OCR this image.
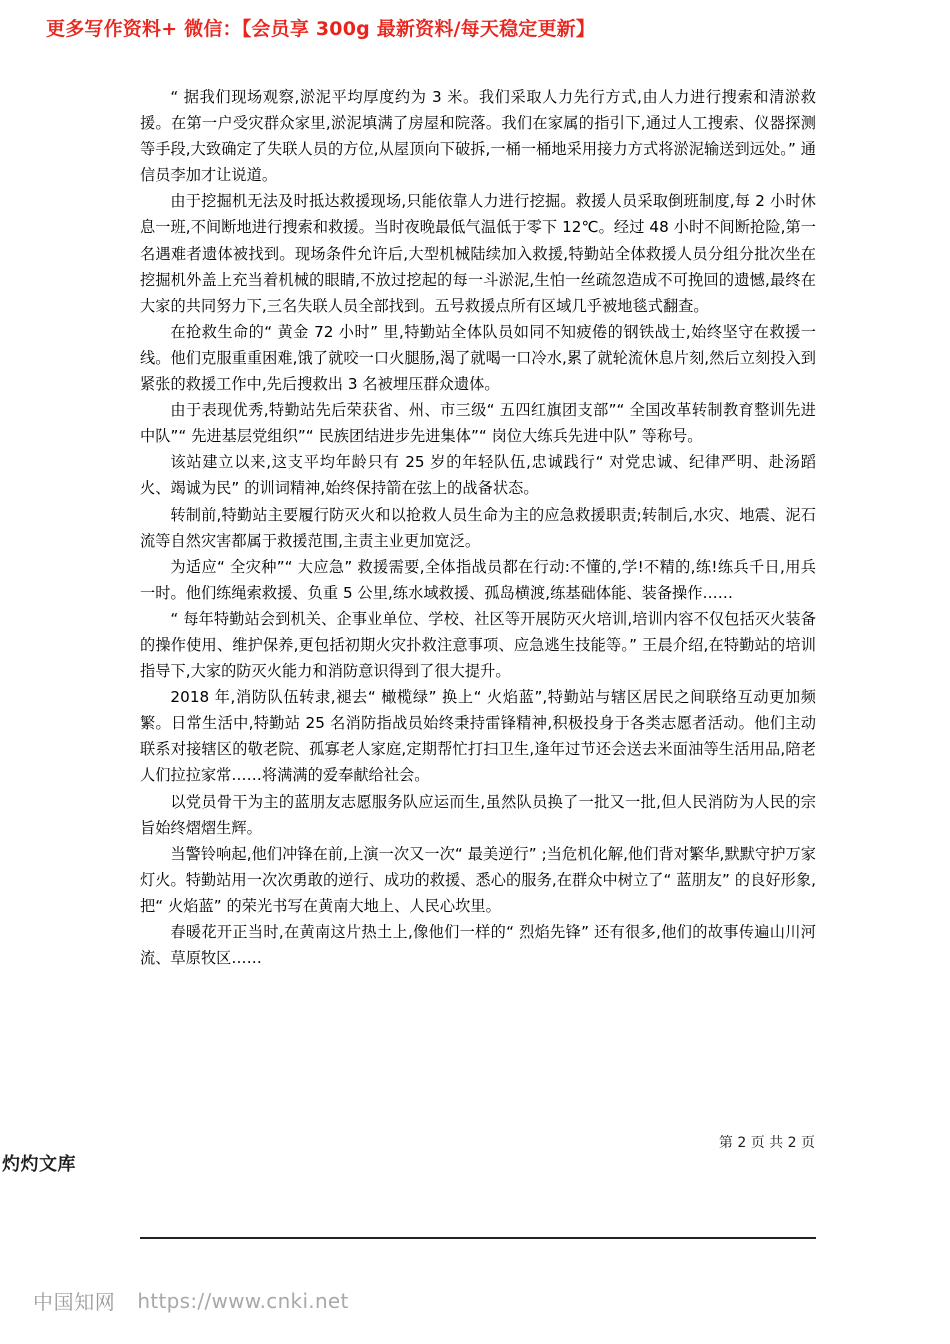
更多写作资料+ 微信：【会员享 300g 最新资料/每天稳定更新】

“ 据我们现场观察,淤泥平均厚度约为 3 米。我们采取人力先行方式,由人力进行搜索和清淤救援。在第一户受灾群众家里,淤泥填满了房屋和院落。我们在家属的指引下,通过人工搜索、仪器探测等手段,大致确定了失联人员的方位,从屋顶向下破拆,一桶一桶地采用接力方式将淤泥输送到远处。” 通信员李加才让说道。

由于挖掘机无法及时抵达救援现场,只能依靠人力进行挖掘。救援人员采取倒班制度,每 2 小时休息一班,不间断地进行搜索和救援。当时夜晚最低气温低于零下 12℃。经过 48 小时不间断抢险,第一名遇难者遗体被找到。现场条件允许后,大型机械陆续加入救援,特勤站全体救援人员分组分批次坐在挖掘机外盖上充当着机械的眼睛,不放过挖起的每一斗淤泥,生怕一丝疏忽造成不可挽回的遗憾,最终在大家的共同努力下,三名失联人员全部找到。五号救援点所有区域几乎被地毯式翻查。

在抢救生命的“ 黄金 72 小时” 里,特勤站全体队员如同不知疲倦的钢铁战士,始终坚守在救援一线。他们克服重重困难,饿了就咬一口火腿肠,渴了就喝一口冷水,累了就轮流休息片刻,然后立刻投入到紧张的救援工作中,先后搜救出 3 名被埋压群众遗体。

由于表现优秀,特勤站先后荣获省、州、市三级“ 五四红旗团支部”“ 全国改革转制教育整训先进中队”“ 先进基层党组织”“ 民族团结进步先进集体”“ 岗位大练兵先进中队” 等称号。

该站建立以来,这支平均年龄只有 25 岁的年轻队伍,忠诚践行“ 对党忠诚、纪律严明、赴汤蹈火、竭诚为民” 的训词精神,始终保持箭在弦上的战备状态。

转制前,特勤站主要履行防灭火和以抢救人员生命为主的应急救援职责;转制后,水灾、地震、泥石流等自然灾害都属于救援范围,主责主业更加宽泛。

为适应“ 全灾种”“ 大应急” 救援需要,全体指战员都在行动:不懂的,学!不精的,练!练兵千日,用兵一时。他们练绳索救援、负重 5 公里,练水域救援、孤岛横渡,练基础体能、装备操作……

“ 每年特勤站会到机关、企事业单位、学校、社区等开展防灭火培训,培训内容不仅包括灭火装备的操作使用、维护保养,更包括初期火灾扑救注意事项、应急逃生技能等。” 王晨介绍,在特勤站的培训指导下,大家的防灭火能力和消防意识得到了很大提升。

2018 年,消防队伍转隶,褪去“ 橄榄绿” 换上“ 火焰蓝”,特勤站与辖区居民之间联络互动更加频繁。日常生活中,特勤站 25 名消防指战员始终秉持雷锋精神,积极投身于各类志愿者活动。他们主动联系对接辖区的敬老院、孤寡老人家庭,定期帮忙打扫卫生,逢年过节还会送去米面油等生活用品,陪老人们拉拉家常……将满满的爱奉献给社会。

以党员骨干为主的蓝朋友志愿服务队应运而生,虽然队员换了一批又一批,但人民消防为人民的宗旨始终熠熠生辉。

当警铃响起,他们冲锋在前,上演一次又一次“ 最美逆行” ;当危机化解,他们背对繁华,默默守护万家灯火。特勤站用一次次勇敢的逆行、成功的救援、悉心的服务,在群众中树立了“ 蓝朋友” 的良好形象,把“ 火焰蓝” 的荣光书写在黄南大地上、人民心坎里。

春暖花开正当时,在黄南这片热土上,像他们一样的“ 烈焰先锋” 还有很多,他们的故事传遍山川河流、草原牧区……

第 2 页 共 2 页
灼灼文库
中国知网 https://www.cnki.net
